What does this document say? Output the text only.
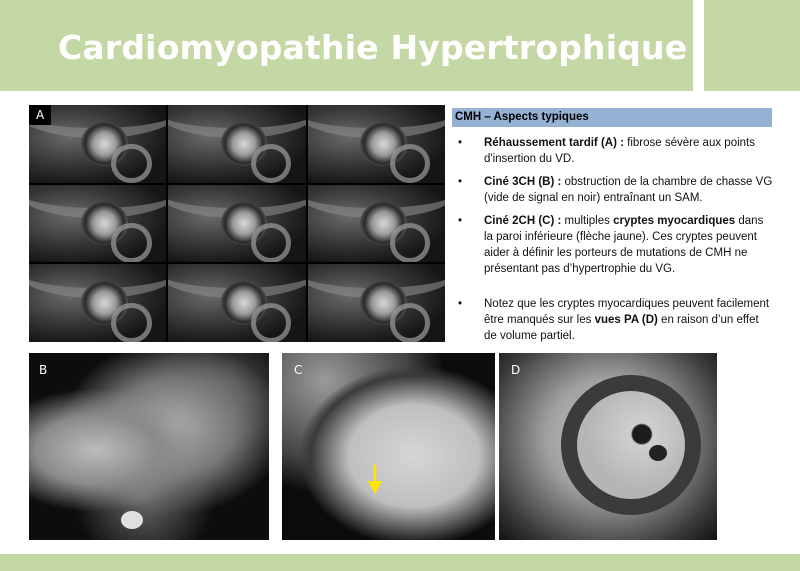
Cardiomyopathie Hypertrophique
A	CMH – Aspects typiques
• Réhaussement tardif (A) : fibrose sévère aux points d'insertion du VD.
• Ciné 3CH (B) : obstruction de la chambre de chasse VG (vide de signal en noir) entraînant un SAM.
• Ciné 2CH (C) : multiples cryptes myocardiques dans la paroi inférieure (flèche jaune). Ces cryptes peuvent aider à définir les porteurs de mutations de CMH ne présentant pas d’hypertrophie du VG.
• Notez que les cryptes myocardiques peuvent facilement être manqués sur les vues PA (D) en raison d’un effet de volume partiel.
B	C	D
